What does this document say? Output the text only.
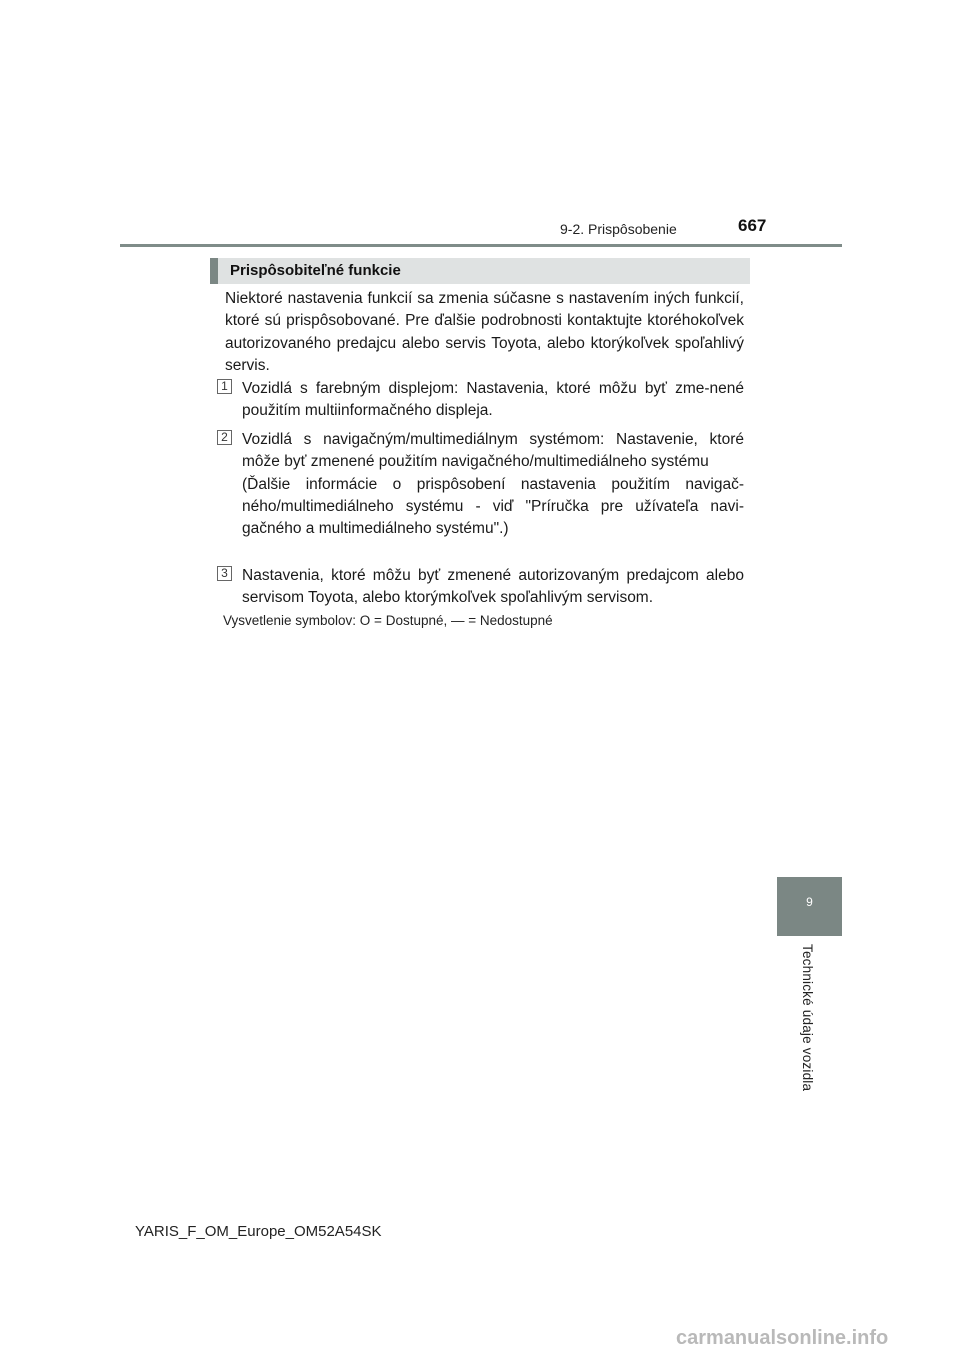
9-2. Prispôsobenie	667
Prispôsobiteľné funkcie

Niektoré nastavenia funkcií sa zmenia súčasne s nastavením iných funkcií, ktoré sú prispôsobované. Pre ďalšie podrobnosti kontaktujte ktoréhokoľvek autorizovaného predajcu alebo servis Toyota, alebo ktorýkoľvek spoľahlivý servis.

1 Vozidlá s farebným displejom: Nastavenia, ktoré môžu byť zme-nené použitím multiinformačného displeja.

2 Vozidlá s navigačným/multimediálnym systémom: Nastavenie, ktoré môže byť zmenené použitím navigačného/multimediálneho systému

(Ďalšie informácie o prispôsobení nastavenia použitím navigač-ného/multimediálneho systému - viď "Príručka pre užívateľa navi-gačného a multimediálneho systému".)

3 Nastavenia, ktoré môžu byť zmenené autorizovaným predajcom alebo servisom Toyota, alebo ktorýmkoľvek spoľahlivým servisom.

Vysvetlenie symbolov: O = Dostupné, — = Nedostupné
9
Technické údaje vozidla
YARIS_F_OM_Europe_OM52A54SK
carmanualsonline.info
